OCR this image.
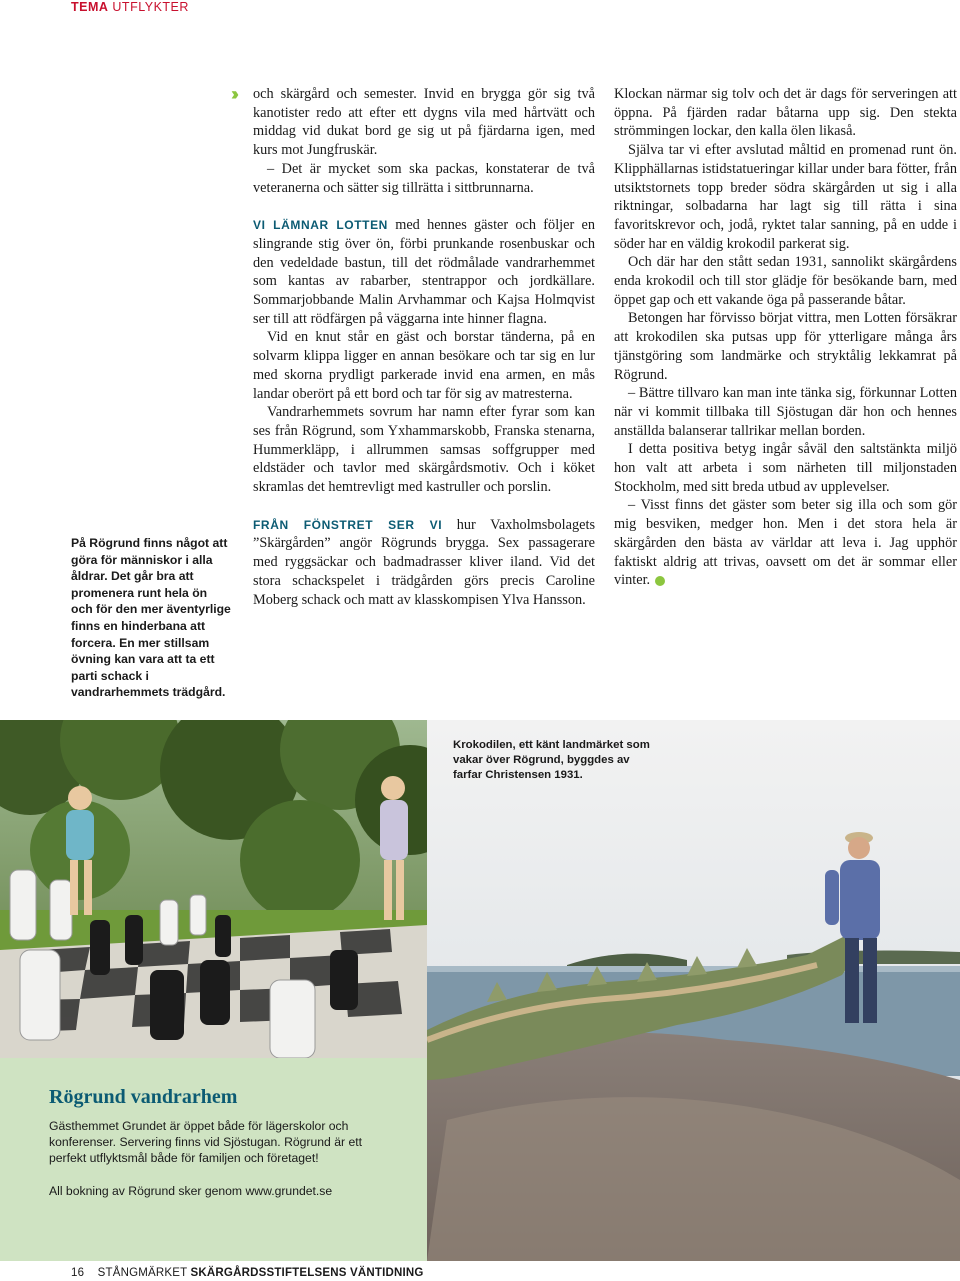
TEMA UTFLYKTER
På Rögrund finns något att göra för människor i alla åldrar. Det går bra att promenera runt hela ön och för den mer äventyrlige finns en hinderbana att forcera. En mer stillsam övning kan vara att ta ett parti schack i vandrarhemmets trädgård.
›› och skärgård och semester. Invid en brygga gör sig två kanotister redo att efter ett dygns vila med hårtvätt och middag vid dukat bord ge sig ut på fjärdarna igen, med kurs mot Jungfruskär.

– Det är mycket som ska packas, konstaterar de två veteranerna och sätter sig tillrätta i sittbrunnarna.

VI LÄMNAR LOTTEN med hennes gäster och följer en slingrande stig över ön, förbi prunkande rosenbuskar och den vedeldade bastun, till det rödmålade vandrarhemmet som kantas av rabarber, stentrappor och jordkällare. Sommarjobbande Malin Arvhammar och Kajsa Holmqvist ser till att rödfärgen på väggarna inte hinner flagna.

Vid en knut står en gäst och borstar tänderna, på en solvarm klippa ligger en annan besökare och tar sig en lur med skorna prydligt parkerade invid ena armen, en mås landar oberört på ett bord och tar för sig av matresterna.

Vandrarhemmets sovrum har namn efter fyrar som kan ses från Rögrund, som Yxhammarskobb, Franska stenarna, Hummerkläpp, i allrummen samsas soffgrupper med eldstäder och tavlor med skärgårdsmotiv. Och i köket skramlas det hemtrevligt med kastruller och porslin.

FRÅN FÖNSTRET SER VI hur Vaxholmsbolagets ”Skärgården” angör Rögrunds brygga. Sex passagerare med ryggsäckar och badmadrasser kliver iland. Vid det stora schackspelet i trädgården görs precis Caroline Moberg schack och matt av klasskompisen Ylva Hansson.

Klockan närmar sig tolv och det är dags för serveringen att öppna. På fjärden radar båtarna upp sig. Den stekta strömmingen lockar, den kalla ölen likaså.

Själva tar vi efter avslutad måltid en promenad runt ön. Klipphällarnas istidstatueringar killar under bara fötter, från utsiktstornets topp breder södra skärgården ut sig i alla riktningar, solbadarna har lagt sig till rätta i sina favoritskrevor och, jodå, ryktet talar sanning, på en udde i söder har en väldig krokodil parkerat sig.

Och där har den stått sedan 1931, sannolikt skärgårdens enda krokodil och till stor glädje för besökande barn, med öppet gap och ett vakande öga på passerande båtar.

Betongen har förvisso börjat vittra, men Lotten försäkrar att krokodilen ska putsas upp för ytterligare många års tjänstgöring som landmärke och stryktålig lekkamrat på Rögrund.

– Bättre tillvaro kan man inte tänka sig, förkunnar Lotten när vi kommit tillbaka till Sjöstugan där hon och hennes anställda balanserar tallrikar mellan borden.

I detta positiva betyg ingår såväl den saltstänkta miljö hon valt att arbeta i som närheten till miljonstaden Stockholm, med sitt breda utbud av upplevelser.

– Visst finns det gäster som beter sig illa och som gör mig besviken, medger hon. Men i det stora hela är skärgården den bästa av världar att leva i. Jag upphör faktiskt aldrig att trivas, oavsett om det är sommar eller vinter.

Krokodilen, ett känt landmärket som vakar över Rögrund, byggdes av farfar Christensen 1931.
Rögrund vandrarhem
Gästhemmet Grundet är öppet både för lägerskolor och konferenser. Servering finns vid Sjöstugan. Rögrund är ett perfekt utflyktsmål både för familjen och företaget!
All bokning av Rögrund sker genom www.grundet.se
16 STÅNGMÄRKET SKÄRGÅRDSSTIFTELSENS VÄNTIDNING
